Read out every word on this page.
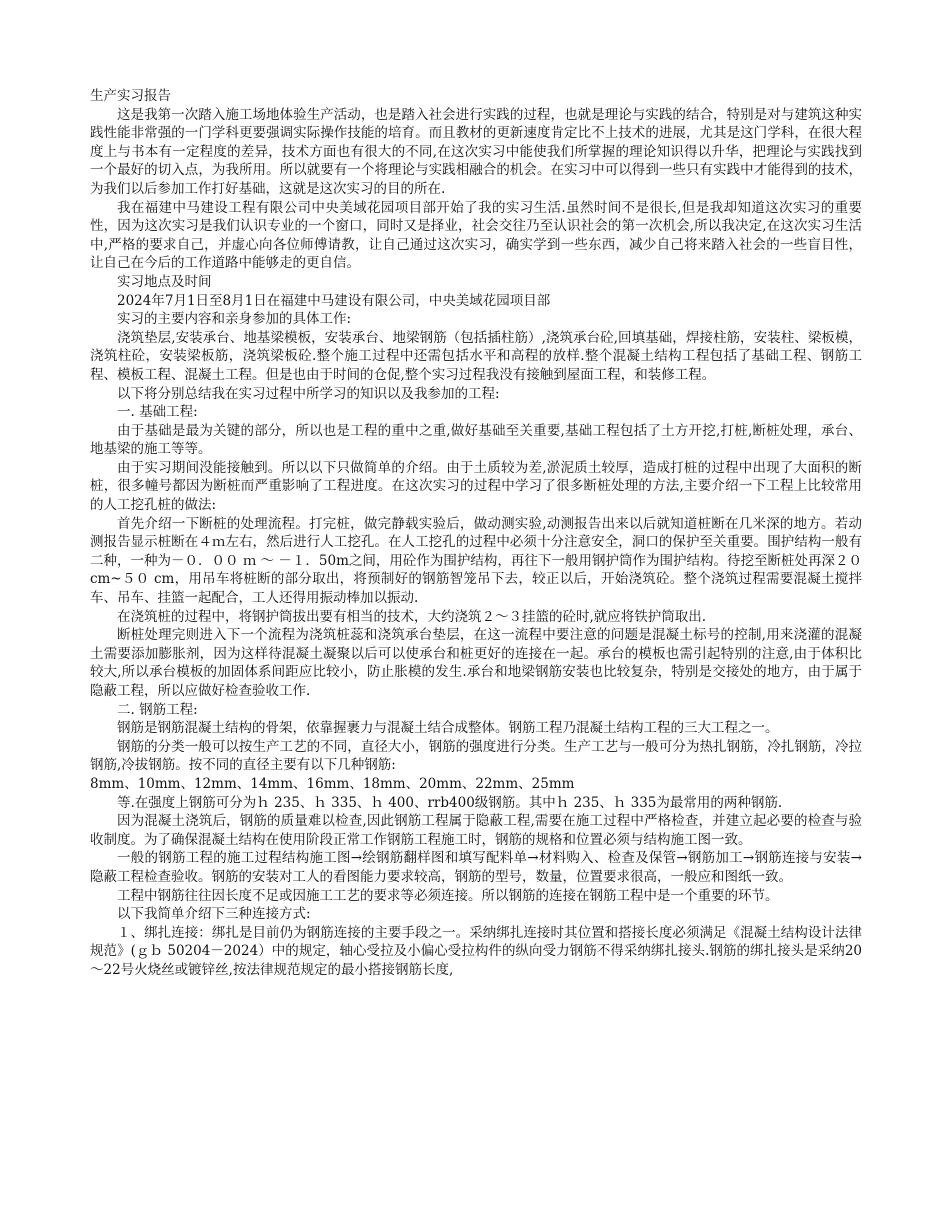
生产实习报告

这是我第一次踏入施工场地体验生产活动，也是踏入社会进行实践的过程，也就是理论与实践的结合，特别是对与建筑这种实践性能非常强的一门学科更要强调实际操作技能的培育。而且教材的更新速度肯定比不上技术的进展，尤其是这门学科，在很大程度上与书本有一定程度的差异，技术方面也有很大的不同,在这次实习中能使我们所掌握的理论知识得以升华，把理论与实践找到一个最好的切入点，为我所用。所以就要有一个将理论与实践相融合的机会。在实习中可以得到一些只有实践中才能得到的技术，为我们以后参加工作打好基础，这就是这次实习的目的所在.

我在福建中马建设工程有限公司中央美域花园项目部开始了我的实习生活.虽然时间不是很长,但是我却知道这次实习的重要性，因为这次实习是我们认识专业的一个窗口，同时又是择业，社会交往乃至认识社会的第一次机会,所以我决定,在这次实习生活中,严格的要求自己，并虚心向各位师傅请教，让自己通过这次实习，确实学到一些东西，减少自己将来踏入社会的一些盲目性，让自己在今后的工作道路中能够走的更自信。

实习地点及时间

2024年7月1日至8月1日在福建中马建设有限公司，中央美域花园项目部

实习的主要内容和亲身参加的具体工作:

浇筑垫层,安装承台、地基梁模板，安装承台、地梁钢筋（包括插柱筋）,浇筑承台砼,回填基础，焊接柱筋，安装柱、梁板模，浇筑柱砼，安装梁板筋，浇筑梁板砼.整个施工过程中还需包括水平和高程的放样.整个混凝土结构工程包括了基础工程、钢筋工程、模板工程、混凝土工程。但是也由于时间的仓促,整个实习过程我没有接触到屋面工程，和装修工程。

以下将分别总结我在实习过程中所学习的知识以及我参加的工程:

一. 基础工程:

由于基础是最为关键的部分，所以也是工程的重中之重,做好基础至关重要,基础工程包括了土方开挖,打桩,断桩处理，承台、地基梁的施工等等。

由于实习期间没能接触到。所以以下只做简单的介绍。由于土质较为差,淤泥质土较厚，造成打桩的过程中出现了大面积的断桩，很多幢号都因为断桩而严重影响了工程进度。在这次实习的过程中学习了很多断桩处理的方法,主要介绍一下工程上比较常用的人工挖孔桩的做法:

首先介绍一下断桩的处理流程。打完桩，做完静载实验后，做动测实验,动测报告出来以后就知道桩断在几米深的地方。若动测报告显示桩断在４ｍ左右，然后进行人工挖孔。在人工挖孔的过程中必须十分注意安全，洞口的保护至关重要。围护结构一般有二种，一种为－０．００ ｍ ～ －１．50m之间，用砼作为围护结构，再往下一般用钢护筒作为围护结构。待挖至断桩处再深２０ cm~５０ cm，用吊车将桩断的部分取出，将预制好的钢筋智笼吊下去，较正以后，开始浇筑砼。整个浇筑过程需要混凝土搅拌车、吊车、挂篮一起配合，工人还得用振动棒加以振动.

在浇筑桩的过程中，将钢护筒拔出要有相当的技术，大约浇筑２～３挂篮的砼时,就应将铁护筒取出.

断桩处理完则进入下一个流程为浇筑桩蕊和浇筑承台垫层，在这一流程中要注意的问题是混凝土标号的控制,用来浇灌的混凝土需要添加膨胀剂，因为这样待混凝土凝聚以后可以使承台和桩更好的连接在一起。承台的模板也需引起特别的注意,由于体积比较大,所以承台模板的加固体系间距应比较小，防止胀模的发生.承台和地梁钢筋安装也比较复杂，特别是交接处的地方，由于属于隐蔽工程，所以应做好检查验收工作.

二. 钢筋工程:

钢筋是钢筋混凝土结构的骨架，依靠握裹力与混凝土结合成整体。钢筋工程乃混凝土结构工程的三大工程之一。

钢筋的分类一般可以按生产工艺的不同，直径大小，钢筋的强度进行分类。生产工艺与一般可分为热扎钢筋，冷扎钢筋，冷拉钢筋,冷拔钢筋。按不同的直径主要有以下几种钢筋:

8mm、10mm、12mm、14mm、16mm、18mm、20mm、22mm、25mm

等.在强度上钢筋可分为ｈ 235、ｈ 335、ｈ 400、rrb400级钢筋。其中ｈ 235、ｈ 335为最常用的两种钢筋.

因为混凝土浇筑后，钢筋的质量难以检查,因此钢筋工程属于隐蔽工程,需要在施工过程中严格检查，并建立起必要的检查与验收制度。为了确保混凝土结构在使用阶段正常工作钢筋工程施工时，钢筋的规格和位置必须与结构施工图一致。

一般的钢筋工程的施工过程结构施工图→绘钢筋翻样图和填写配料单→材料购入、检查及保管→钢筋加工→钢筋连接与安装→隐蔽工程检查验收。钢筋的安装对工人的看图能力要求较高，钢筋的型号，数量，位置要求很高，一般应和图纸一致。

工程中钢筋往往因长度不足或因施工工艺的要求等必须连接。所以钢筋的连接在钢筋工程中是一个重要的环节。

以下我简单介绍下三种连接方式:

１、绑扎连接：绑扎是目前仍为钢筋连接的主要手段之一。采纳绑扎连接时其位置和搭接长度必须满足《混凝土结构设计法律规范》(ｇｂ 50204－2024）中的规定，轴心受拉及小偏心受拉构件的纵向受力钢筋不得采纳绑扎接头.钢筋的绑扎接头是采纳20～22号火烧丝或镀锌丝,按法律规范规定的最小搭接钢筋长度,
